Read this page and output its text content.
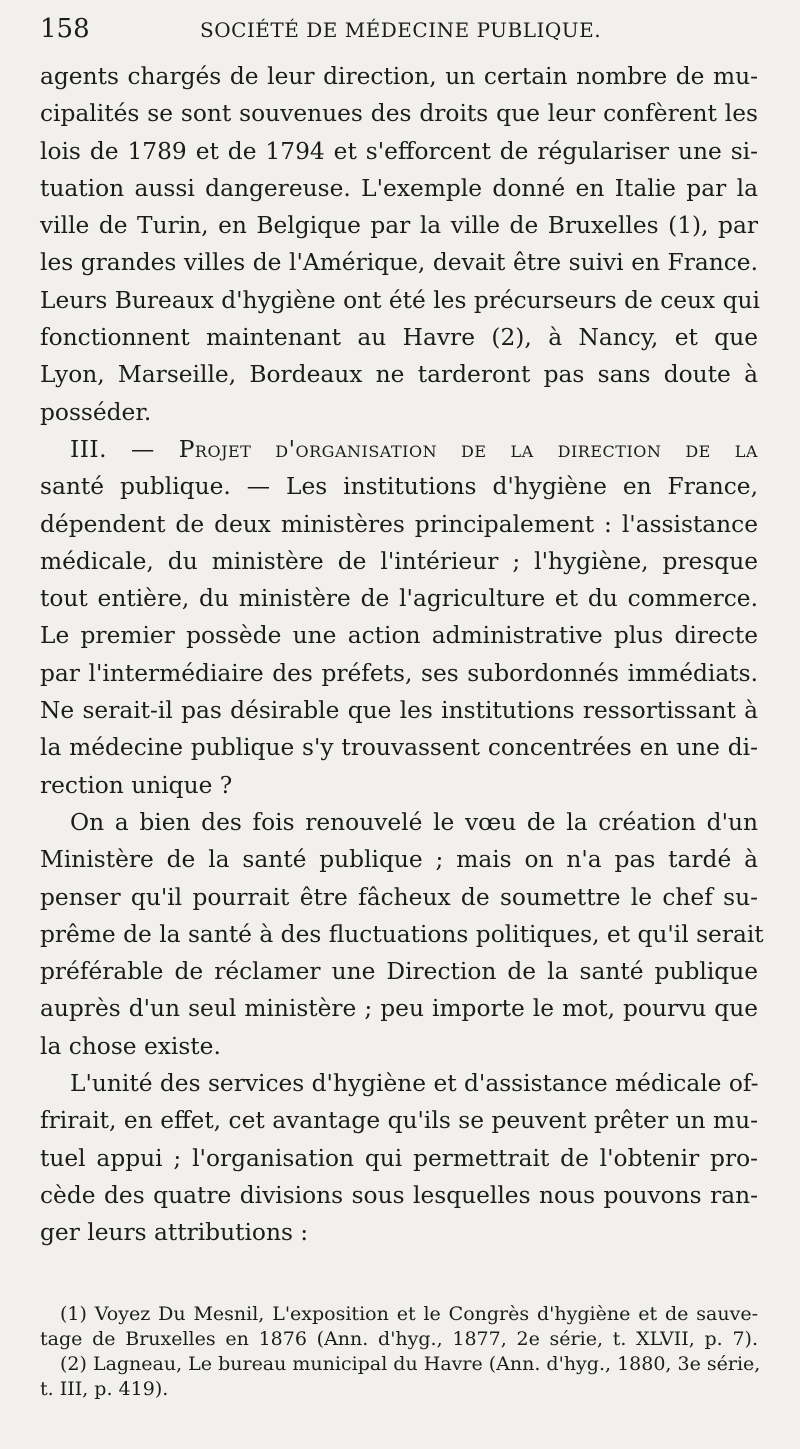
158	SOCIÉTÉ DE MÉDECINE PUBLIQUE.
agents chargés de leur direction, un certain nombre de mu-
cipalités se sont souvenues des droits que leur confèrent les
lois de 1789 et de 1794 et s'efforcent de régulariser une si-
tuation aussi dangereuse. L'exemple donné en Italie par la
ville de Turin, en Belgique par la ville de Bruxelles (1), par
les grandes villes de l'Amérique, devait être suivi en France.
Leurs Bureaux d'hygiène ont été les précurseurs de ceux qui
fonctionnent maintenant au Havre (2), à Nancy, et que
Lyon, Marseille, Bordeaux ne tarderont pas sans doute à
posséder.
III. — Projet d'organisation de la direction de la
santé publique. — Les institutions d'hygiène en France,
dépendent de deux ministères principalement : l'assistance
médicale, du ministère de l'intérieur ; l'hygiène, presque
tout entière, du ministère de l'agriculture et du commerce.
Le premier possède une action administrative plus directe
par l'intermédiaire des préfets, ses subordonnés immédiats.
Ne serait-il pas désirable que les institutions ressortissant à
la médecine publique s'y trouvassent concentrées en une di-
rection unique ?
On a bien des fois renouvelé le vœu de la création d'un
Ministère de la santé publique ; mais on n'a pas tardé à
penser qu'il pourrait être fâcheux de soumettre le chef su-
prême de la santé à des fluctuations politiques, et qu'il serait
préférable de réclamer une Direction de la santé publique
auprès d'un seul ministère ; peu importe le mot, pourvu que
la chose existe.
L'unité des services d'hygiène et d'assistance médicale of-
frirait, en effet, cet avantage qu'ils se peuvent prêter un mu-
tuel appui ; l'organisation qui permettrait de l'obtenir pro-
cède des quatre divisions sous lesquelles nous pouvons ran-
ger leurs attributions :
(1) Voyez Du Mesnil, L'exposition et le Congrès d'hygiène et de sauve-
tage de Bruxelles en 1876 (Ann. d'hyg., 1877, 2e série, t. XLVII, p. 7).
(2) Lagneau, Le bureau municipal du Havre (Ann. d'hyg., 1880, 3e série,
t. III, p. 419).
